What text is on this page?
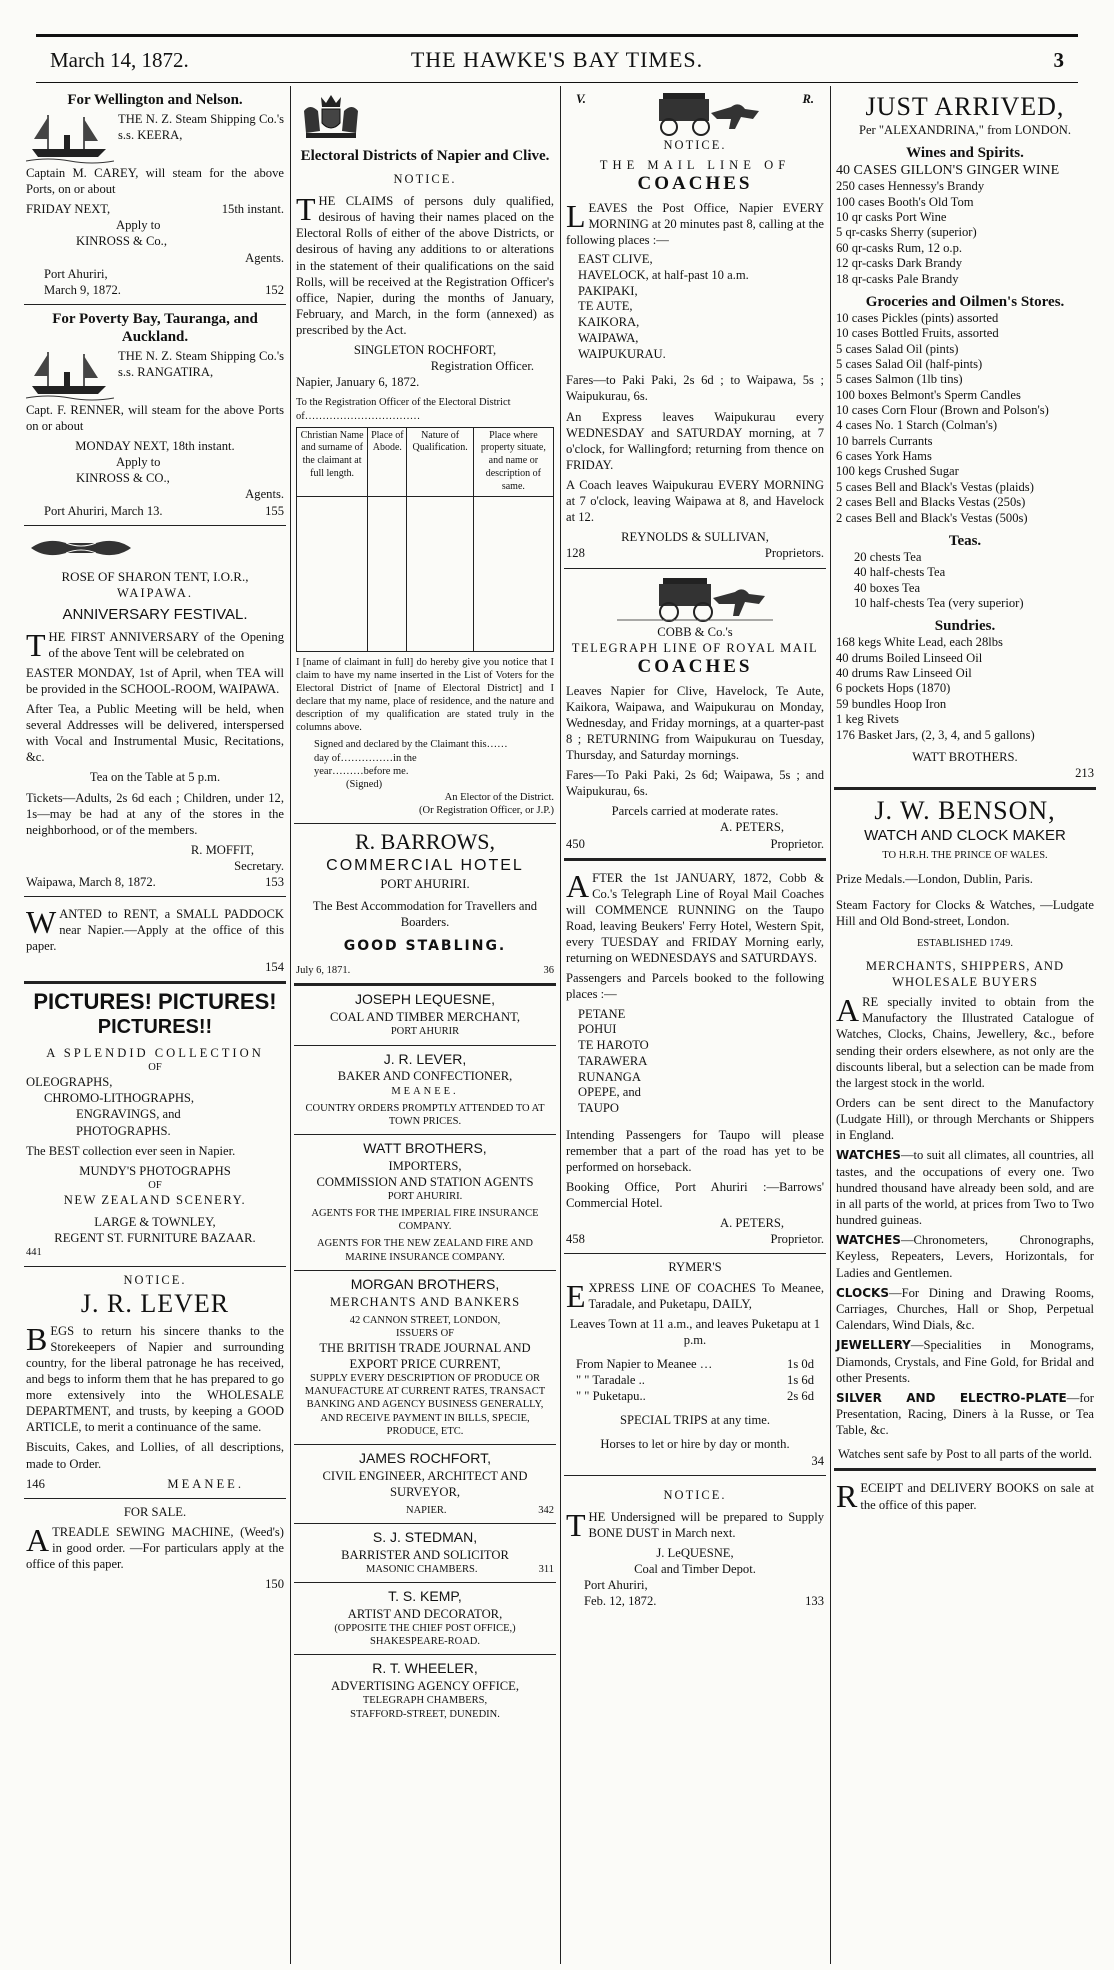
March 14, 1872.	THE HAWKE'S BAY TIMES.	3
For Wellington and Nelson.

THE N. Z. Steam Shipping Co.'s s.s. KEERA,

Captain M. CAREY, will steam for the above Ports, on or about

FRIDAY NEXT,	15th instant.
Apply to
KINROSS & Co.,
Agents.
Port Ahuriri,
March 9, 1872.	152
For Poverty Bay, Tauranga, and Auckland.

THE N. Z. Steam Shipping Co.'s s.s. RANGATIRA,

Capt. F. RENNER, will steam for the above Ports on or about

MONDAY NEXT, 18th instant.
Apply to
KINROSS & CO.,
Agents.
Port Ahuriri, March 13.	155
ROSE OF SHARON TENT, I.O.R.,
WAIPAWA.
ANNIVERSARY FESTIVAL.

THE FIRST ANNIVERSARY of the Opening of the above Tent will be celebrated on

EASTER MONDAY, 1st of April, when TEA will be provided in the SCHOOL-ROOM, WAIPAWA.

After Tea, a Public Meeting will be held, when several Addresses will be delivered, interspersed with Vocal and Instrumental Music, Recitations, &c.

Tea on the Table at 5 p.m.

Tickets—Adults, 2s 6d each ; Children, under 12, 1s—may be had at any of the stores in the neighborhood, or of the members.

R. MOFFIT,
Secretary.
Waipawa, March 8, 1872.	153

WANTED to RENT, a SMALL PADDOCK near Napier.—Apply at the office of this paper.

154
PICTURES! PICTURES!
PICTURES!!
A SPLENDID COLLECTION
OF
OLEOGRAPHS,
CHROMO-LITHOGRAPHS,
ENGRAVINGS, and
PHOTOGRAPHS.

The BEST collection ever seen in Napier.

MUNDY'S PHOTOGRAPHS
OF
NEW ZEALAND SCENERY.
LARGE & TOWNLEY,
REGENT ST. FURNITURE BAZAAR.
441
NOTICE.
J. R. LEVER

BEGS to return his sincere thanks to the Storekeepers of Napier and surrounding country, for the liberal patronage he has received, and begs to inform them that he has prepared to go more extensively into the WHOLESALE DEPARTMENT, and trusts, by keeping a GOOD ARTICLE, to merit a continuance of the same.

Biscuits, Cakes, and Lollies, of all descriptions, made to Order.

146	MEANEE.
FOR SALE.

ATREADLE SEWING MACHINE, (Weed's) in good order. —For particulars apply at the office of this paper.

150
Electoral Districts of Napier and Clive.
NOTICE.

THE CLAIMS of persons duly qualified, desirous of having their names placed on the Electoral Rolls of either of the above Districts, or desirous of having any additions to or alterations in the statement of their qualifications on the said Rolls, will be received at the Registration Officer's office, Napier, during the months of January, February, and March, in the form (annexed) as prescribed by the Act.

SINGLETON ROCHFORT,
Registration Officer.
Napier, January 6, 1872.
To the Registration Officer of the Electoral District of……………………………
Christian Name and surname of the claimant at full length.	Place of Abode.	Nature of Qualification.	Place where property situate, and name or description of same.

I [name of claimant in full] do hereby give you notice that I claim to have my name inserted in the List of Voters for the Electoral District of [name of Electoral District] and I declare that my name, place of residence, and the nature and description of my qualification are stated truly in the columns above.

Signed and declared by the Claimant this……
day of……………in the
year………before me.
(Signed)
An Elector of the District.
(Or Registration Officer, or J.P.)
R. BARROWS,
COMMERCIAL HOTEL
PORT AHURIRI.
The Best Accommodation for Travellers and Boarders.
GOOD STABLING.
July 6, 1871.	36
JOSEPH LEQUESNE,
COAL AND TIMBER MERCHANT,
PORT AHURIR
J. R. LEVER,
BAKER AND CONFECTIONER,
MEANEE.
COUNTRY ORDERS PROMPTLY ATTENDED TO AT TOWN PRICES.
WATT BROTHERS,
IMPORTERS,
COMMISSION AND STATION AGENTS
PORT AHURIRI.
AGENTS FOR THE IMPERIAL FIRE INSURANCE COMPANY.
AGENTS FOR THE NEW ZEALAND FIRE AND MARINE INSURANCE COMPANY.
MORGAN BROTHERS,
MERCHANTS AND BANKERS
42 CANNON STREET, LONDON,
ISSUERS OF
THE BRITISH TRADE JOURNAL AND EXPORT PRICE CURRENT,
SUPPLY EVERY DESCRIPTION OF PRODUCE OR MANUFACTURE AT CURRENT RATES, TRANSACT BANKING AND AGENCY BUSINESS GENERALLY,
AND RECEIVE PAYMENT IN BILLS, SPECIE, PRODUCE, ETC.
JAMES ROCHFORT,
CIVIL ENGINEER, ARCHITECT AND SURVEYOR,
NAPIER.	342
S. J. STEDMAN,
BARRISTER AND SOLICITOR
MASONIC CHAMBERS.	311
T. S. KEMP,
ARTIST AND DECORATOR,
(OPPOSITE THE CHIEF POST OFFICE,)
SHAKESPEARE-ROAD.
R. T. WHEELER,
ADVERTISING AGENCY OFFICE,
TELEGRAPH CHAMBERS,
STAFFORD-STREET, DUNEDIN.
V.	R.
NOTICE.
THE MAIL LINE OF
COACHES

LEAVES the Post Office, Napier EVERY MORNING at 20 minutes past 8, calling at the following places :—

EAST CLIVE,
HAVELOCK, at half-past 10 a.m.
PAKIPAKI,
TE AUTE,
KAIKORA,
WAIPAWA,
WAIPUKURAU.

Fares—to Paki Paki, 2s 6d ; to Waipawa, 5s ; Waipukurau, 6s.

An Express leaves Waipukurau every WEDNESDAY and SATURDAY morning, at 7 o'clock, for Wallingford; returning from thence on FRIDAY.

A Coach leaves Waipukurau EVERY MORNING at 7 o'clock, leaving Waipawa at 8, and Havelock at 12.

REYNOLDS & SULLIVAN,
128	Proprietors.
COBB & Co.'s
TELEGRAPH LINE OF ROYAL MAIL
COACHES

Leaves Napier for Clive, Havelock, Te Aute, Kaikora, Waipawa, and Waipukurau on Monday, Wednesday, and Friday mornings, at a quarter-past 8 ; RETURNING from Waipukurau on Tuesday, Thursday, and Saturday mornings.

Fares—To Paki Paki, 2s 6d; Waipawa, 5s ; and Waipukurau, 6s.

Parcels carried at moderate rates.
A. PETERS,
450	Proprietor.

AFTER the 1st JANUARY, 1872, Cobb & Co.'s Telegraph Line of Royal Mail Coaches will COMMENCE RUNNING on the Taupo Road, leaving Beukers' Ferry Hotel, Western Spit, every TUESDAY and FRIDAY Morning early, returning on WEDNESDAYS and SATURDAYS.

Passengers and Parcels booked to the following places :—

PETANE
POHUI
TE HAROTO
TARAWERA
RUNANGA
OPEPE, and
TAUPO

Intending Passengers for Taupo will please remember that a part of the road has yet to be performed on horseback.

Booking Office, Port Ahuriri :—Barrows' Commercial Hotel.

A. PETERS,
458	Proprietor.
RYMER'S

EXPRESS LINE OF COACHES To Meanee, Taradale, and Puketapu, DAILY,

Leaves Town at 11 a.m., and leaves Puketapu at 1 p.m.
From Napier to Meanee …	1s 0d
" " Taradale ..	1s 6d
" " Puketapu..	2s 6d
SPECIAL TRIPS at any time.
Horses to let or hire by day or month.
34
NOTICE.

THE Undersigned will be prepared to Supply BONE DUST in March next.

J. LeQUESNE,
Coal and Timber Depot.
Port Ahuriri,
Feb. 12, 1872.	133
JUST ARRIVED,
Per "ALEXANDRINA," from LONDON.
Wines and Spirits.
40 CASES GILLON'S GINGER WINE
250 cases Hennessy's Brandy
100 cases Booth's Old Tom
10 qr casks Port Wine
5 qr-casks Sherry (superior)
60 qr-casks Rum, 12 o.p.
12 qr-casks Dark Brandy
18 qr-casks Pale Brandy
Groceries and Oilmen's Stores.
10 cases Pickles (pints) assorted
10 cases Bottled Fruits, assorted
5 cases Salad Oil (pints)
5 cases Salad Oil (half-pints)
5 cases Salmon (1lb tins)
100 boxes Belmont's Sperm Candles
10 cases Corn Flour (Brown and Polson's)
4 cases No. 1 Starch (Colman's)
10 barrels Currants
6 cases York Hams
100 kegs Crushed Sugar
5 cases Bell and Black's Vestas (plaids)
2 cases Bell and Blacks Vestas (250s)
2 cases Bell and Black's Vestas (500s)
Teas.
20 chests Tea
40 half-chests Tea
40 boxes Tea
10 half-chests Tea (very superior)
Sundries.
168 kegs White Lead, each 28lbs
40 drums Boiled Linseed Oil
40 drums Raw Linseed Oil
6 pockets Hops (1870)
59 bundles Hoop Iron
1 keg Rivets
176 Basket Jars, (2, 3, 4, and 5 gallons)
WATT BROTHERS.
213
J. W. BENSON,
WATCH AND CLOCK MAKER
TO H.R.H. THE PRINCE OF WALES.
Prize Medals.—London, Dublin, Paris.

Steam Factory for Clocks & Watches, —Ludgate Hill and Old Bond-street, London.

ESTABLISHED 1749.
MERCHANTS, SHIPPERS, AND WHOLESALE BUYERS

ARE specially invited to obtain from the Manufactory the Illustrated Catalogue of Watches, Clocks, Chains, Jewellery, &c., before sending their orders elsewhere, as not only are the discounts liberal, but a selection can be made from the largest stock in the world.

Orders can be sent direct to the Manufactory (Ludgate Hill), or through Merchants or Shippers in England.

WATCHES—to suit all climates, all countries, all tastes, and the occupations of every one. Two hundred thousand have already been sold, and are in all parts of the world, at prices from Two to Two hundred guineas.

WATCHES—Chronometers, Chronographs, Keyless, Repeaters, Levers, Horizontals, for Ladies and Gentlemen.

CLOCKS—For Dining and Drawing Rooms, Carriages, Churches, Hall or Shop, Perpetual Calendars, Wind Dials, &c.

JEWELLERY—Specialities in Monograms, Diamonds, Crystals, and Fine Gold, for Bridal and other Presents.

SILVER AND ELECTRO-PLATE—for Presentation, Racing, Diners à la Russe, or Tea Table, &c.

Watches sent safe by Post to all parts of the world.

RECEIPT and DELIVERY BOOKS on sale at the office of this paper.
